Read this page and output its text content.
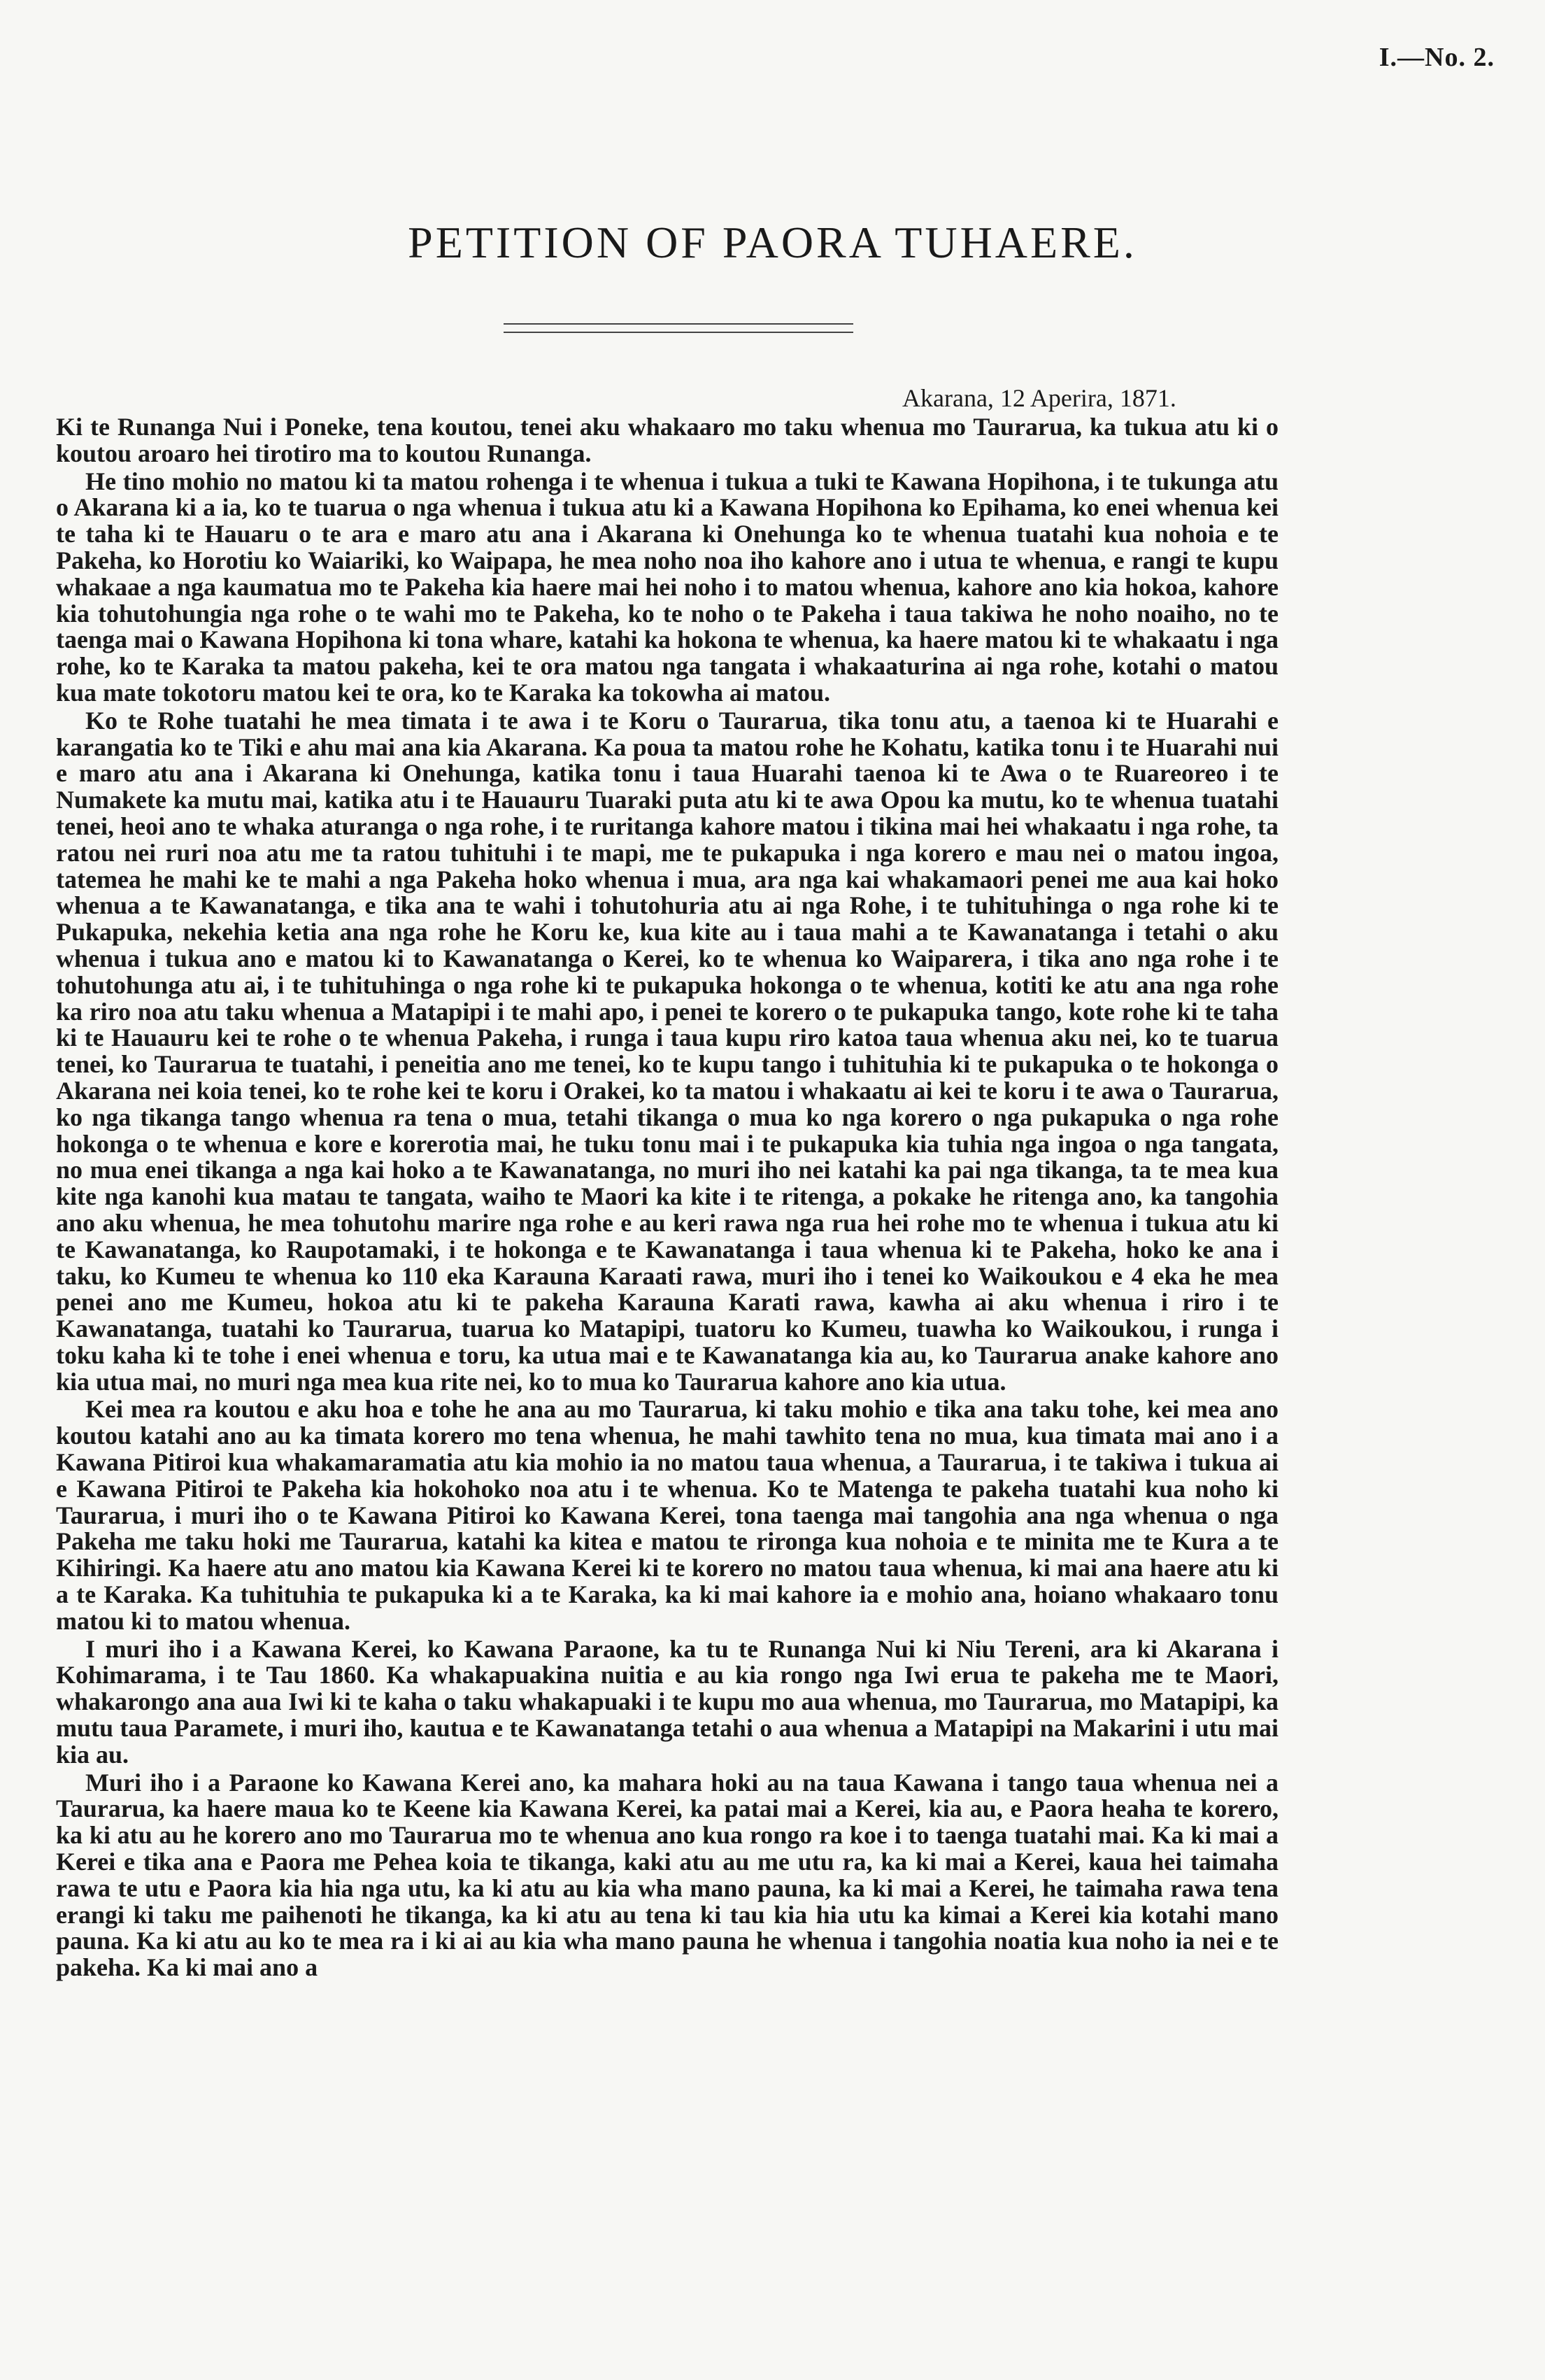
I.—No. 2.
PETITION OF PAORA TUHAERE.
Akarana, 12 Aperira, 1871.

Ki te Runanga Nui i Poneke, tena koutou, tenei aku whakaaro mo taku whenua mo Taurarua, ka tukua atu ki o koutou aroaro hei tirotiro ma to koutou Runanga.

He tino mohio no matou ki ta matou rohenga i te whenua i tukua a tuki te Kawana Hopihona, i te tukunga atu o Akarana ki a ia, ko te tuarua o nga whenua i tukua atu ki a Kawana Hopihona ko Epihama, ko enei whenua kei te taha ki te Hauaru o te ara e maro atu ana i Akarana ki Onehunga ko te whenua tuatahi kua nohoia e te Pakeha, ko Horotiu ko Waiariki, ko Waipapa, he mea noho noa iho kahore ano i utua te whenua, e rangi te kupu whakaae a nga kaumatua mo te Pakeha kia haere mai hei noho i to matou whenua, kahore ano kia hokoa, kahore kia tohutohungia nga rohe o te wahi mo te Pakeha, ko te noho o te Pakeha i taua takiwa he noho noaiho, no te taenga mai o Kawana Hopihona ki tona whare, katahi ka hokona te whenua, ka haere matou ki te whakaatu i nga rohe, ko te Karaka ta matou pakeha, kei te ora matou nga tangata i whakaaturina ai nga rohe, kotahi o matou kua mate tokotoru matou kei te ora, ko te Karaka ka tokowha ai matou.

Ko te Rohe tuatahi he mea timata i te awa i te Koru o Taurarua, tika tonu atu, a taenoa ki te Huarahi e karangatia ko te Tiki e ahu mai ana kia Akarana. Ka poua ta matou rohe he Kohatu, katika tonu i te Huarahi nui e maro atu ana i Akarana ki Onehunga, katika tonu i taua Huarahi taenoa ki te Awa o te Ruareoreo i te Numakete ka mutu mai, katika atu i te Hauauru Tuaraki puta atu ki te awa Opou ka mutu, ko te whenua tuatahi tenei, heoi ano te whaka aturanga o nga rohe, i te ruritanga kahore matou i tikina mai hei whakaatu i nga rohe, ta ratou nei ruri noa atu me ta ratou tuhituhi i te mapi, me te pukapuka i nga korero e mau nei o matou ingoa, tatemea he mahi ke te mahi a nga Pakeha hoko whenua i mua, ara nga kai whakamaori penei me aua kai hoko whenua a te Kawanatanga, e tika ana te wahi i tohutohuria atu ai nga Rohe, i te tuhituhinga o nga rohe ki te Pukapuka, nekehia ketia ana nga rohe he Koru ke, kua kite au i taua mahi a te Kawanatanga i tetahi o aku whenua i tukua ano e matou ki to Kawanatanga o Kerei, ko te whenua ko Waiparera, i tika ano nga rohe i te tohutohunga atu ai, i te tuhituhinga o nga rohe ki te pukapuka hokonga o te whenua, kotiti ke atu ana nga rohe ka riro noa atu taku whenua a Matapipi i te mahi apo, i penei te korero o te pukapuka tango, kote rohe ki te taha ki te Hauauru kei te rohe o te whenua Pakeha, i runga i taua kupu riro katoa taua whenua aku nei, ko te tuarua tenei, ko Taurarua te tuatahi, i peneitia ano me tenei, ko te kupu tango i tuhituhia ki te pukapuka o te hokonga o Akarana nei koia tenei, ko te rohe kei te koru i Orakei, ko ta matou i whakaatu ai kei te koru i te awa o Taurarua, ko nga tikanga tango whenua ra tena o mua, tetahi tikanga o mua ko nga korero o nga pukapuka o nga rohe hokonga o te whenua e kore e korerotia mai, he tuku tonu mai i te pukapuka kia tuhia nga ingoa o nga tangata, no mua enei tikanga a nga kai hoko a te Kawanatanga, no muri iho nei katahi ka pai nga tikanga, ta te mea kua kite nga kanohi kua matau te tangata, waiho te Maori ka kite i te ritenga, a pokake he ritenga ano, ka tangohia ano aku whenua, he mea tohutohu marire nga rohe e au keri rawa nga rua hei rohe mo te whenua i tukua atu ki te Kawanatanga, ko Raupotamaki, i te hokonga e te Kawanatanga i taua whenua ki te Pakeha, hoko ke ana i taku, ko Kumeu te whenua ko 110 eka Karauna Karaati rawa, muri iho i tenei ko Waikoukou e 4 eka he mea penei ano me Kumeu, hokoa atu ki te pakeha Karauna Karati rawa, kawha ai aku whenua i riro i te Kawanatanga, tuatahi ko Taurarua, tuarua ko Matapipi, tuatoru ko Kumeu, tuawha ko Waikoukou, i runga i toku kaha ki te tohe i enei whenua e toru, ka utua mai e te Kawanatanga kia au, ko Taurarua anake kahore ano kia utua mai, no muri nga mea kua rite nei, ko to mua ko Taurarua kahore ano kia utua.

Kei mea ra koutou e aku hoa e tohe he ana au mo Taurarua, ki taku mohio e tika ana taku tohe, kei mea ano koutou katahi ano au ka timata korero mo tena whenua, he mahi tawhito tena no mua, kua timata mai ano i a Kawana Pitiroi kua whakamaramatia atu kia mohio ia no matou taua whenua, a Taurarua, i te takiwa i tukua ai e Kawana Pitiroi te Pakeha kia hokohoko noa atu i te whenua. Ko te Matenga te pakeha tuatahi kua noho ki Taurarua, i muri iho o te Kawana Pitiroi ko Kawana Kerei, tona taenga mai tangohia ana nga whenua o nga Pakeha me taku hoki me Taurarua, katahi ka kitea e matou te rironga kua nohoia e te minita me te Kura a te Kihiringi. Ka haere atu ano matou kia Kawana Kerei ki te korero no matou taua whenua, ki mai ana haere atu ki a te Karaka. Ka tuhituhia te pukapuka ki a te Karaka, ka ki mai kahore ia e mohio ana, hoiano whakaaro tonu matou ki to matou whenua.

I muri iho i a Kawana Kerei, ko Kawana Paraone, ka tu te Runanga Nui ki Niu Tereni, ara ki Akarana i Kohimarama, i te Tau 1860. Ka whakapuakina nuitia e au kia rongo nga Iwi erua te pakeha me te Maori, whakarongo ana aua Iwi ki te kaha o taku whakapuaki i te kupu mo aua whenua, mo Taurarua, mo Matapipi, ka mutu taua Paramete, i muri iho, kautua e te Kawanatanga tetahi o aua whenua a Matapipi na Makarini i utu mai kia au.

Muri iho i a Paraone ko Kawana Kerei ano, ka mahara hoki au na taua Kawana i tango taua whenua nei a Taurarua, ka haere maua ko te Keene kia Kawana Kerei, ka patai mai a Kerei, kia au, e Paora heaha te korero, ka ki atu au he korero ano mo Taurarua mo te whenua ano kua rongo ra koe i to taenga tuatahi mai. Ka ki mai a Kerei e tika ana e Paora me Pehea koia te tikanga, kaki atu au me utu ra, ka ki mai a Kerei, kaua hei taimaha rawa te utu e Paora kia hia nga utu, ka ki atu au kia wha mano pauna, ka ki mai a Kerei, he taimaha rawa tena erangi ki taku me paihenoti he tikanga, ka ki atu au tena ki tau kia hia utu ka kimai a Kerei kia kotahi mano pauna. Ka ki atu au ko te mea ra i ki ai au kia wha mano pauna he whenua i tangohia noatia kua noho ia nei e te pakeha. Ka ki mai ano a
